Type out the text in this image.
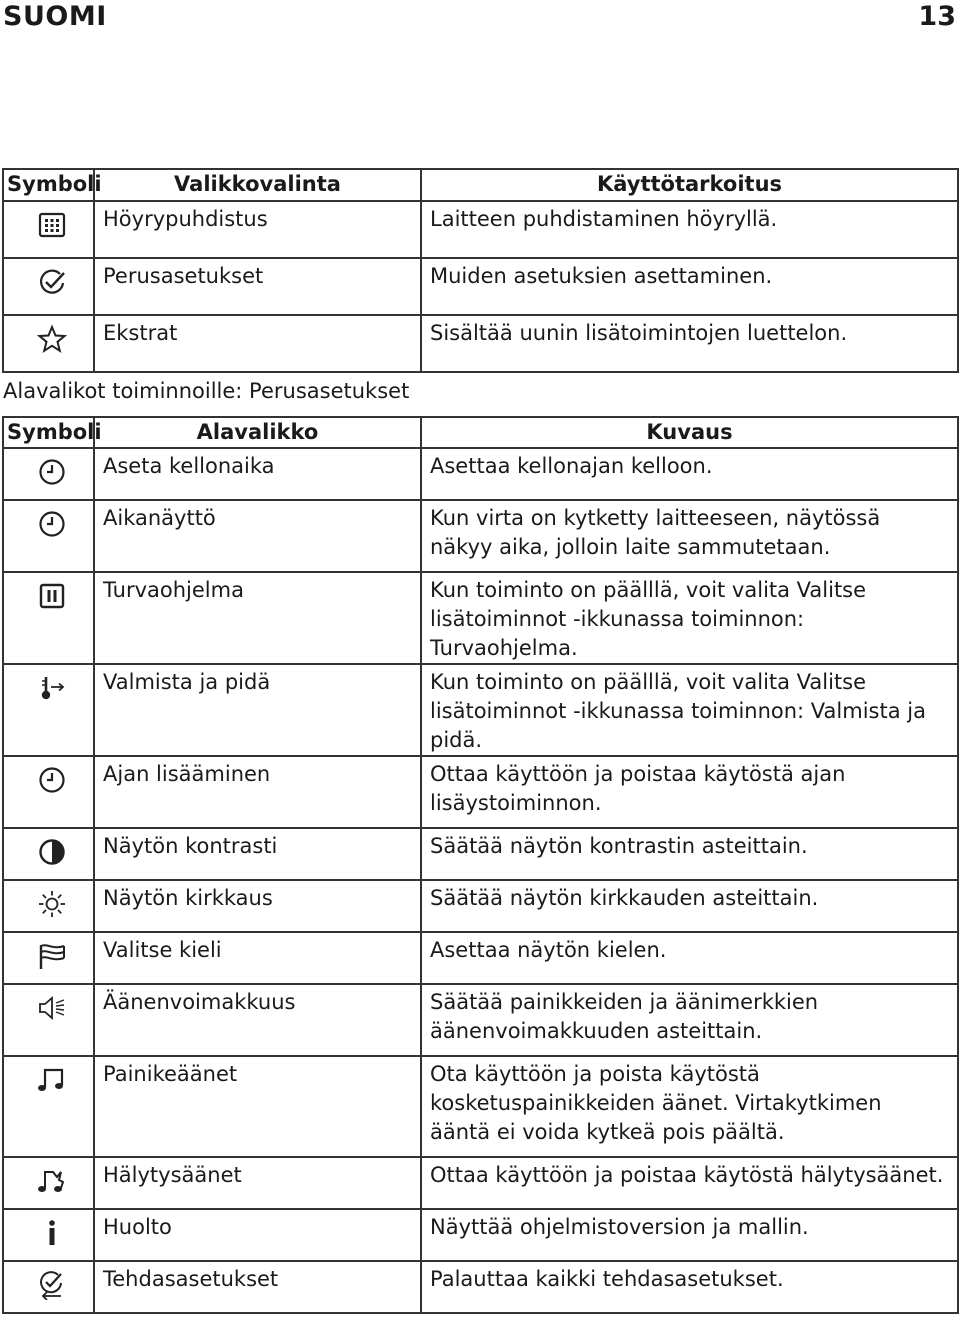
SUOMI	13
Symboli	Valikkovalinta	Käyttötarkoitus

	Höyrypuhdistus	Laitteen puhdistaminen höyryllä.

	Perusasetukset	Muiden asetuksien asettaminen.

	Ekstrat	Sisältää uunin lisätoimintojen luettelon.
Alavalikot toiminnoille: Perusasetukset
Symboli	Alavalikko	Kuvaus

	Aseta kellonaika	Asettaa kellonajan kelloon.

	Aikanäyttö	Kun virta on kytketty laitteeseen, näytössä näkyy aika, jolloin laite sammutetaan.

	Turvaohjelma	Kun toiminto on päälllä, voit valita Valitse lisätoiminnot -ikkunassa toiminnon: Turvaohjelma.

	Valmista ja pidä	Kun toiminto on päälllä, voit valita Valitse lisätoiminnot -ikkunassa toiminnon: Valmista ja pidä.

	Ajan lisääminen	Ottaa käyttöön ja poistaa käytöstä ajan lisäystoiminnon.

	Näytön kontrasti	Säätää näytön kontrastin asteittain.

	Näytön kirkkaus	Säätää näytön kirkkauden asteittain.

	Valitse kieli	Asettaa näytön kielen.

	Äänenvoimakkuus	Säätää painikkeiden ja äänimerkkien äänenvoimakkuuden asteittain.

	Painikeäänet	Ota käyttöön ja poista käytöstä kosketuspainikkeiden äänet. Virtakytkimen ääntä ei voida kytkeä pois päältä.

	Hälytysäänet	Ottaa käyttöön ja poistaa käytöstä hälytysäänet.

	Huolto	Näyttää ohjelmistoversion ja mallin.

	Tehdasasetukset	Palauttaa kaikki tehdasasetukset.
